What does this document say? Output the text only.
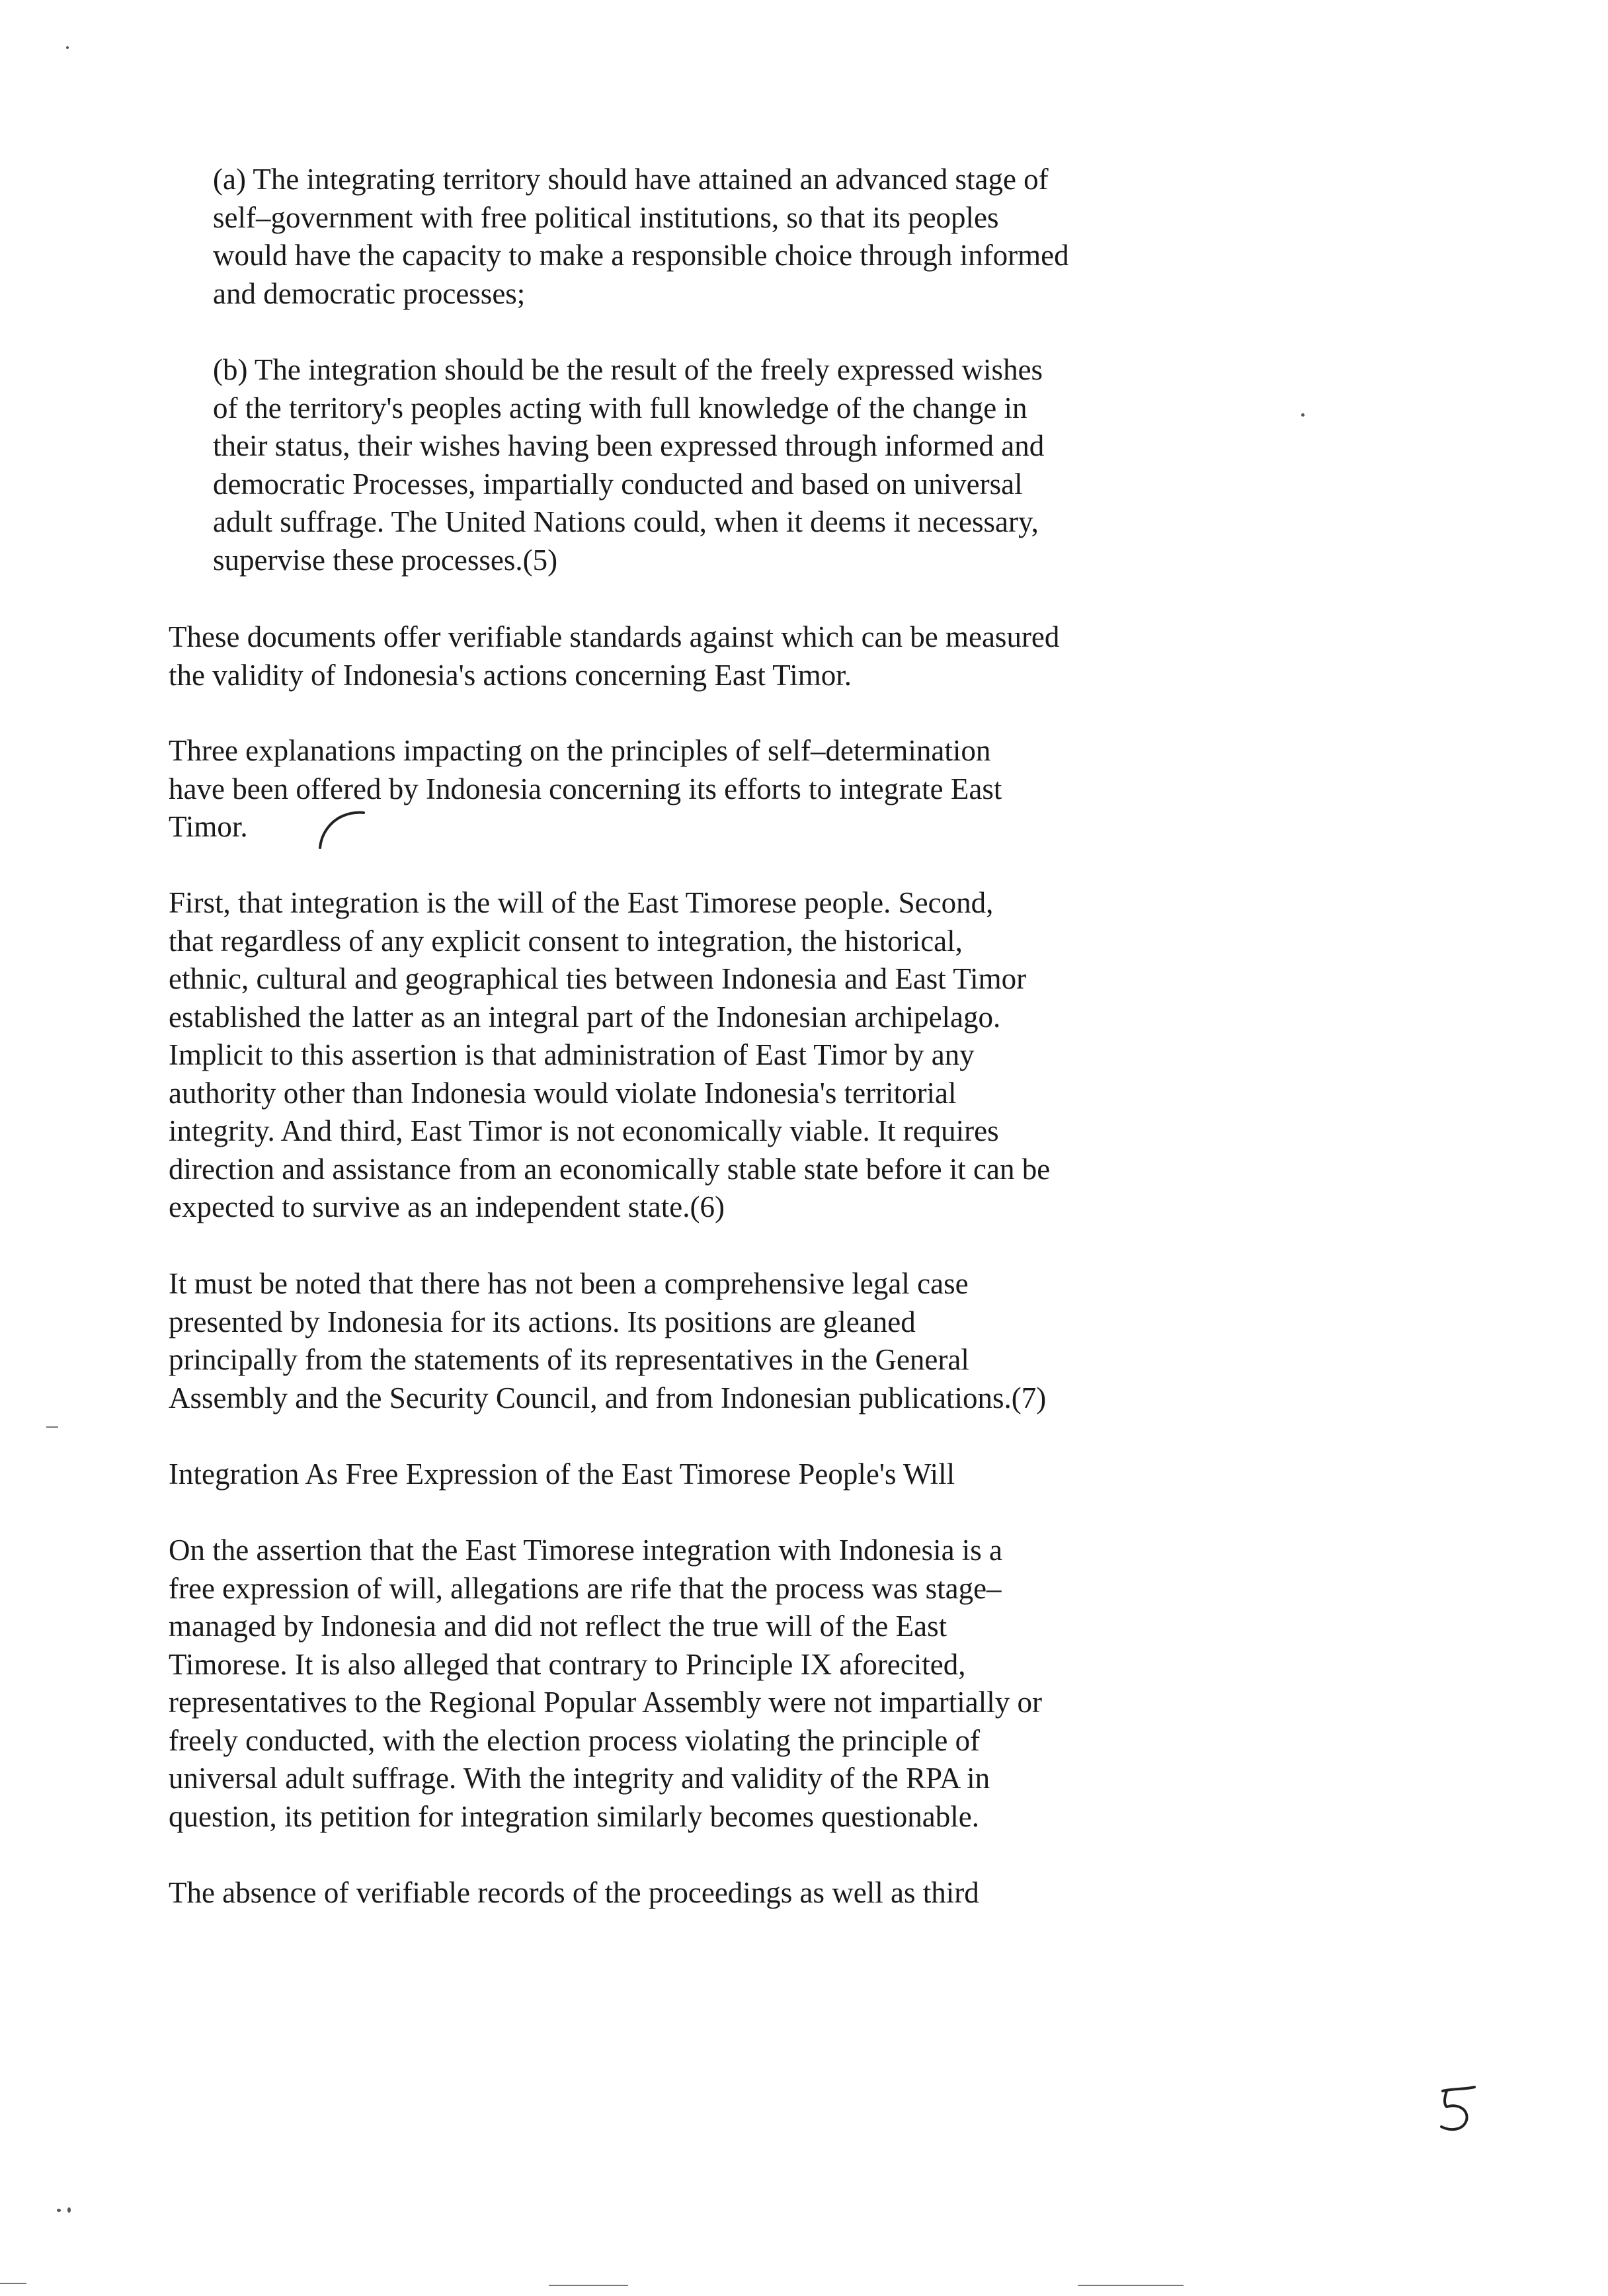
(a) The integrating territory should have attained an advanced stage of
self–government with free political institutions, so that its peoples
would have the capacity to make a responsible choice through informed
and democratic processes;

(b) The integration should be the result of the freely expressed wishes
of the territory's peoples acting with full knowledge of the change in
their status, their wishes having been expressed through informed and
democratic Processes, impartially conducted and based on universal
adult suffrage. The United Nations could, when it deems it necessary,
supervise these processes.(5)

These documents offer verifiable standards against which can be measured
the validity of Indonesia's actions concerning East Timor.

Three explanations impacting on the principles of self–determination
have been offered by Indonesia concerning its efforts to integrate East
Timor.

First, that integration is the will of the East Timorese people. Second,
that regardless of any explicit consent to integration, the historical,
ethnic, cultural and geographical ties between Indonesia and East Timor
established the latter as an integral part of the Indonesian archipelago.
Implicit to this assertion is that administration of East Timor by any
authority other than Indonesia would violate Indonesia's territorial
integrity. And third, East Timor is not economically viable. It requires
direction and assistance from an economically stable state before it can be
expected to survive as an independent state.(6)

It must be noted that there has not been a comprehensive legal case
presented by Indonesia for its actions. Its positions are gleaned
principally from the statements of its representatives in the General
Assembly and the Security Council, and from Indonesian publications.(7)

Integration As Free Expression of the East Timorese People's Will

On the assertion that the East Timorese integration with Indonesia is a
free expression of will, allegations are rife that the process was stage–
managed by Indonesia and did not reflect the true will of the East
Timorese. It is also alleged that contrary to Principle IX aforecited,
representatives to the Regional Popular Assembly were not impartially or
freely conducted, with the election process violating the principle of
universal adult suffrage. With the integrity and validity of the RPA in
question, its petition for integration similarly becomes questionable.

The absence of verifiable records of the proceedings as well as third
